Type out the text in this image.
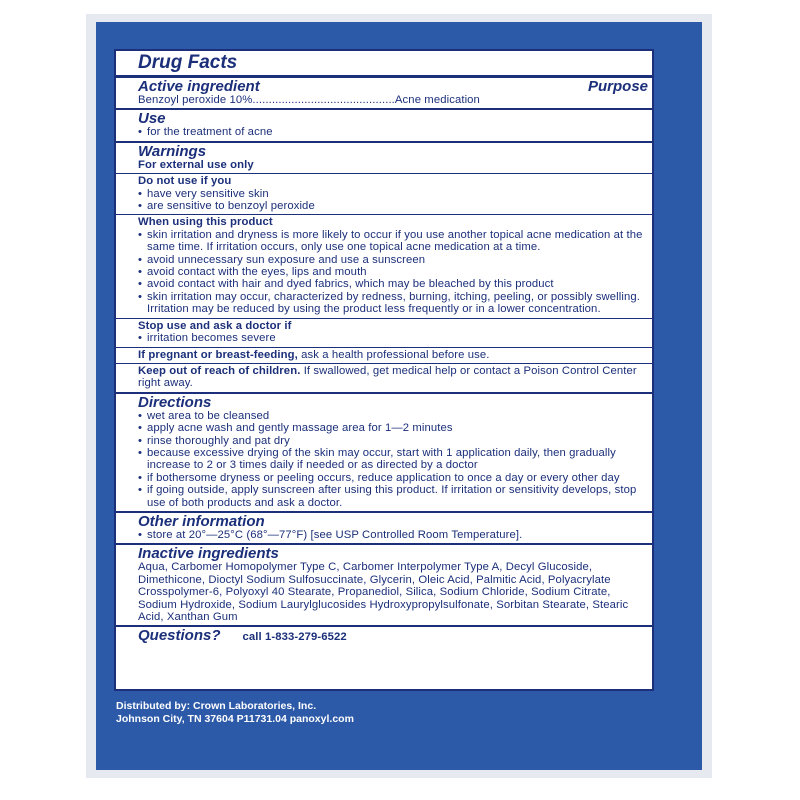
Drug Facts
Active ingredient	Purpose
Benzoyl peroxide 10%............................................Acne medication
Use
• for the treatment of acne
Warnings
For external use only
Do not use if you
• have very sensitive skin
• are sensitive to benzoyl peroxide
When using this product
• skin irritation and dryness is more likely to occur if you use another topical acne medication at the same time. If irritation occurs, only use one topical acne medication at a time.
• avoid unnecessary sun exposure and use a sunscreen
• avoid contact with the eyes, lips and mouth
• avoid contact with hair and dyed fabrics, which may be bleached by this product
• skin irritation may occur, characterized by redness, burning, itching, peeling, or possibly swelling. Irritation may be reduced by using the product less frequently or in a lower concentration.
Stop use and ask a doctor if
• irritation becomes severe
If pregnant or breast-feeding, ask a health professional before use.
Keep out of reach of children. If swallowed, get medical help or contact a Poison Control Center right away.
Directions
• wet area to be cleansed
• apply acne wash and gently massage area for 1—2 minutes
• rinse thoroughly and pat dry
• because excessive drying of the skin may occur, start with 1 application daily, then gradually increase to 2 or 3 times daily if needed or as directed by a doctor
• if bothersome dryness or peeling occurs, reduce application to once a day or every other day
• if going outside, apply sunscreen after using this product. If irritation or sensitivity develops, stop use of both products and ask a doctor.
Other information
• store at 20°—25°C (68°—77°F) [see USP Controlled Room Temperature].
Inactive ingredients
Aqua, Carbomer Homopolymer Type C, Carbomer Interpolymer Type A, Decyl Glucoside, Dimethicone, Dioctyl Sodium Sulfosuccinate, Glycerin, Oleic Acid, Palmitic Acid, Polyacrylate Crosspolymer-6, Polyoxyl 40 Stearate, Propanediol, Silica, Sodium Chloride, Sodium Citrate, Sodium Hydroxide, Sodium Laurylglucosides Hydroxypropylsulfonate, Sorbitan Stearate, Stearic Acid, Xanthan Gum
Questions? call 1-833-279-6522
Distributed by: Crown Laboratories, Inc.
Johnson City, TN 37604 P11731.04 panoxyl.com
